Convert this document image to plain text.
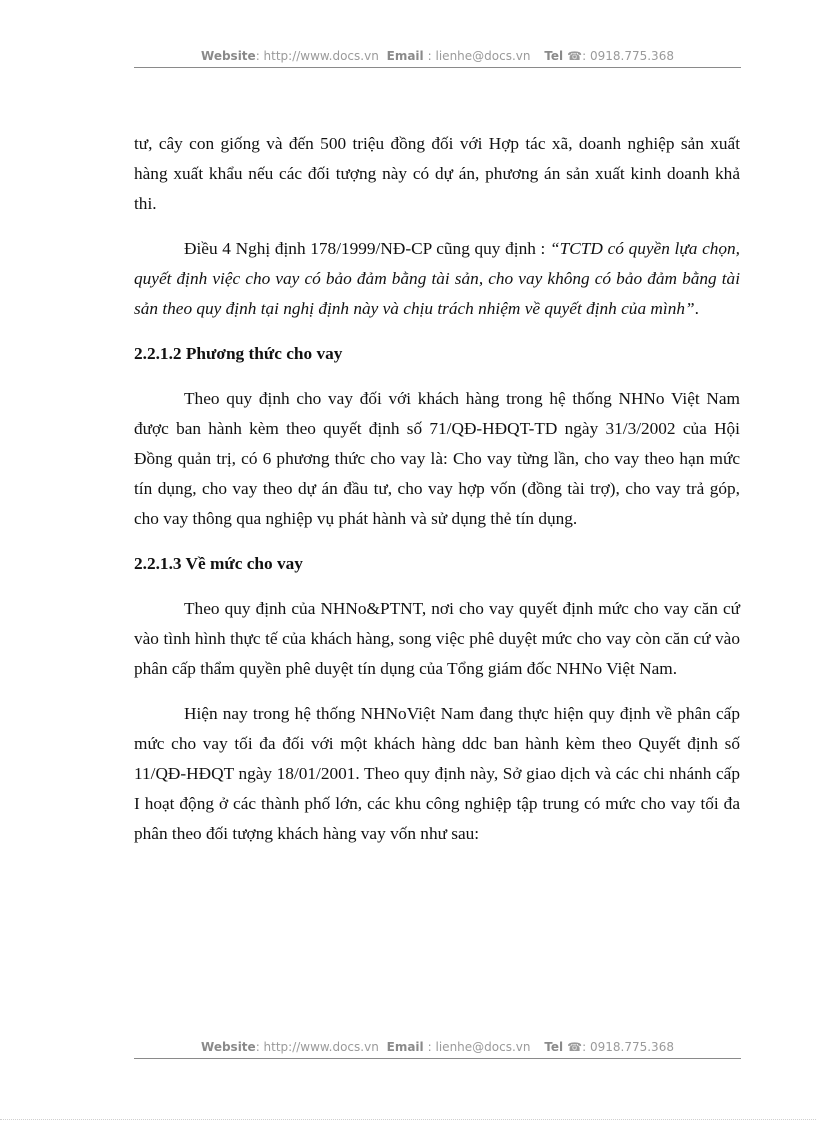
Website: http://www.docs.vn Email : lienhe@docs.vn Tel ☎: 0918.775.368

tư, cây con giống và đến 500 triệu đồng đối với Hợp tác xã, doanh nghiệp sản xuất hàng xuất khẩu nếu các đối tượng này có dự án, phương án sản xuất kinh doanh khả thi.

Điều 4 Nghị định 178/1999/NĐ-CP cũng quy định : “TCTD có quyền lựa chọn, quyết định việc cho vay có bảo đảm bằng tài sản, cho vay không có bảo đảm bằng tài sản theo quy định tại nghị định này và chịu trách nhiệm về quyết định của mình”.

2.2.1.2 Phương thức cho vay

Theo quy định cho vay đối với khách hàng trong hệ thống NHNo Việt Nam được ban hành kèm theo quyết định số 71/QĐ-HĐQT-TD ngày 31/3/2002 của Hội Đồng quản trị, có 6 phương thức cho vay là: Cho vay từng lần, cho vay theo hạn mức tín dụng, cho vay theo dự án đầu tư, cho vay hợp vốn (đồng tài trợ), cho vay trả góp, cho vay thông qua nghiệp vụ phát hành và sử dụng thẻ tín dụng.

2.2.1.3 Về mức cho vay

Theo quy định của NHNo&PTNT, nơi cho vay quyết định mức cho vay căn cứ vào tình hình thực tế của khách hàng, song việc phê duyệt mức cho vay còn căn cứ vào phân cấp thẩm quyền phê duyệt tín dụng của Tổng giám đốc NHNo Việt Nam.

Hiện nay trong hệ thống NHNoViệt Nam đang thực hiện quy định về phân cấp mức cho vay tối đa đối với một khách hàng ddc ban hành kèm theo Quyết định số 11/QĐ-HĐQT ngày 18/01/2001. Theo quy định này, Sở giao dịch và các chi nhánh cấp I hoạt động ở các thành phố lớn, các khu công nghiệp tập trung có mức cho vay tối đa phân theo đối tượng khách hàng vay vốn như sau:

Website: http://www.docs.vn Email : lienhe@docs.vn Tel ☎: 0918.775.368
